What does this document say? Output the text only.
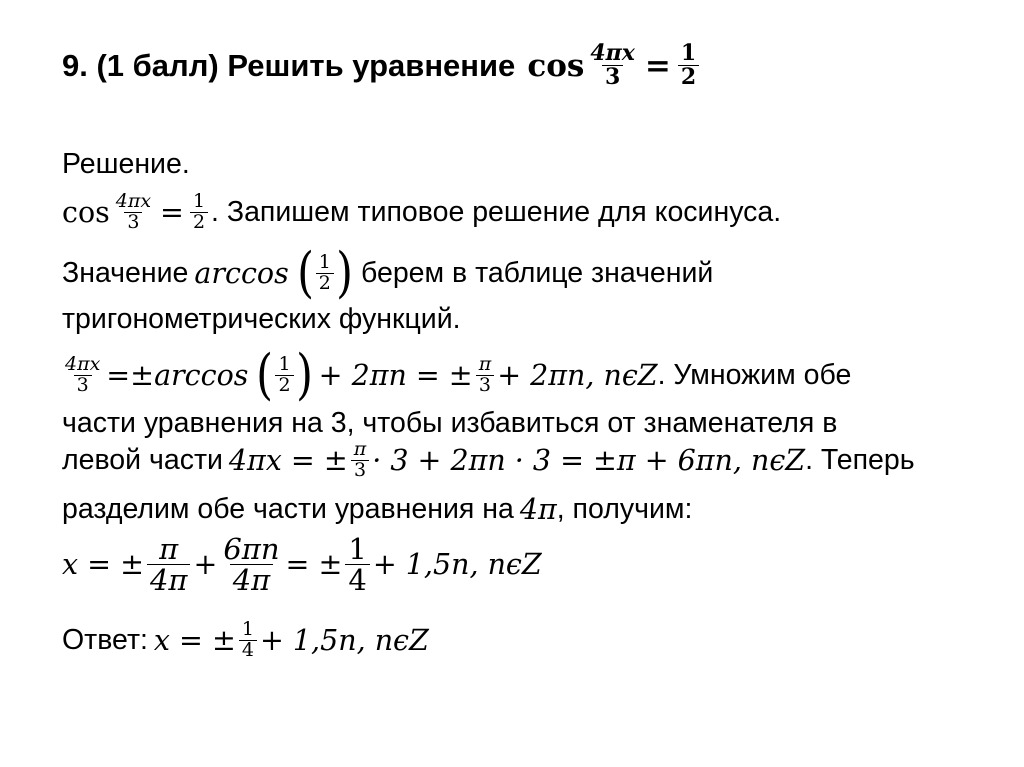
9. (1 балл) Решить уравнение $\cos \frac{4\pi x}{3} = \frac{1}{2}$
Решение.
$\cos \frac{4\pi x}{3} = \frac{1}{2}$ . Запишем типовое решение для косинуса.
Значение arccos ( $\frac{1}{2}$ ) берем в таблице значений
тригонометрических функций.
$\frac{4\pi x}{3} =\pm \arccos$ ( $\frac{1}{2}$ ) + 2πn = ± $\frac{\pi}{3} + 2\pi n$, nϵZ . Умножим обе
части уравнения на 3, чтобы избавиться от знаменателя в
левой части 4πx = ± $\frac{\pi}{3} \cdot 3 + 2\pi n \cdot 3 = \pm\pi + 6\pi n$, nϵZ . Теперь
разделим обе части уравнения на 4π , получим:
x = ± $\frac{\pi}{4\pi} + \frac{6\pi n}{4\pi}$ = ± $\frac{1}{4} + 1,5n$, nϵZ
Ответ: x = ± $\frac{1}{4} + 1,5n$, nϵZ
